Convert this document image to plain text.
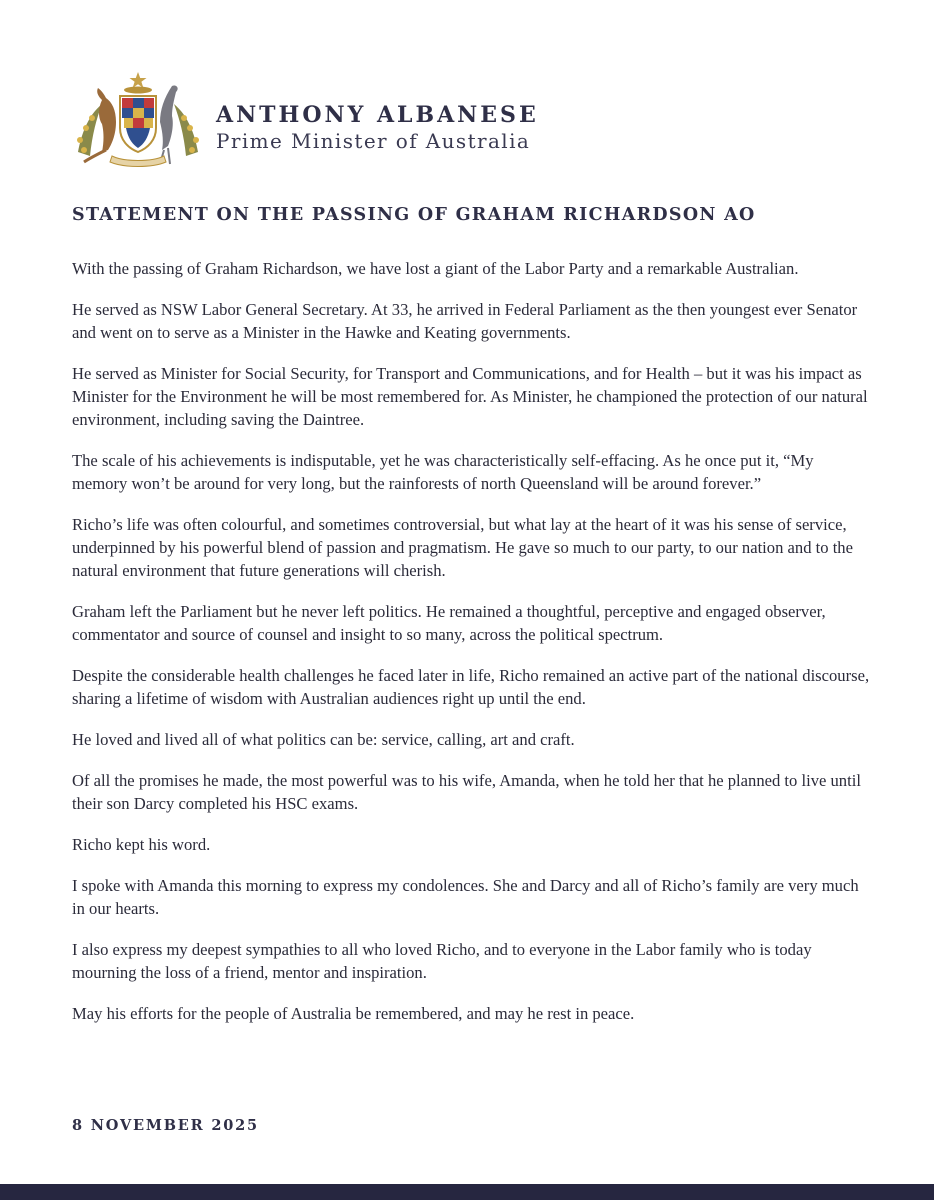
ANTHONY ALBANESE

Prime Minister of Australia

STATEMENT ON THE PASSING OF GRAHAM RICHARDSON AO

With the passing of Graham Richardson, we have lost a giant of the Labor Party and a remarkable Australian.

He served as NSW Labor General Secretary. At 33, he arrived in Federal Parliament as the then youngest ever Senator and went on to serve as a Minister in the Hawke and Keating governments.

He served as Minister for Social Security, for Transport and Communications, and for Health – but it was his impact as Minister for the Environment he will be most remembered for. As Minister, he championed the protection of our natural environment, including saving the Daintree.

The scale of his achievements is indisputable, yet he was characteristically self-effacing. As he once put it, “My memory won’t be around for very long, but the rainforests of north Queensland will be around forever.”

Richo’s life was often colourful, and sometimes controversial, but what lay at the heart of it was his sense of service, underpinned by his powerful blend of passion and pragmatism. He gave so much to our party, to our nation and to the natural environment that future generations will cherish.

Graham left the Parliament but he never left politics. He remained a thoughtful, perceptive and engaged observer, commentator and source of counsel and insight to so many, across the political spectrum.

Despite the considerable health challenges he faced later in life, Richo remained an active part of the national discourse, sharing a lifetime of wisdom with Australian audiences right up until the end.

He loved and lived all of what politics can be: service, calling, art and craft.

Of all the promises he made, the most powerful was to his wife, Amanda, when he told her that he planned to live until their son Darcy completed his HSC exams.

Richo kept his word.

I spoke with Amanda this morning to express my condolences. She and Darcy and all of Richo’s family are very much in our hearts.

I also express my deepest sympathies to all who loved Richo, and to everyone in the Labor family who is today mourning the loss of a friend, mentor and inspiration.

May his efforts for the people of Australia be remembered, and may he rest in peace.

8 NOVEMBER 2025
